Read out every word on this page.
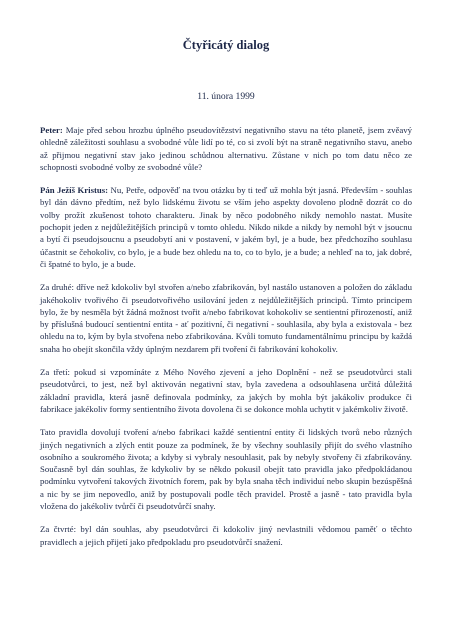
Čtyřicátý dialog
11. února 1999

Peter: Maje před sebou hrozbu úplného pseudovítězství negativního stavu na této planetě, jsem zvěavý ohledně záležitosti souhlasu a svobodné vůle lidí po té, co si zvolí být na straně negativního stavu, anebo až přijmou negativní stav jako jedinou schůdnou alternativu. Zůstane v nich po tom datu něco ze schopnosti svobodné volby ze svobodné vůle?

Pán Ježíš Kristus: Nu, Petře, odpověď na tvou otázku by ti teď už mohla být jasná. Především - souhlas byl dán dávno předtím, než bylo lidskému životu se vším jeho aspekty dovoleno plodně dozrát co do volby prožít zkušenost tohoto charakteru. Jinak by něco podobného nikdy nemohlo nastat. Musíte pochopit jeden z nejdůležitějších principů v tomto ohledu. Nikdo nikde a nikdy by nemohl být v jsoucnu a bytí či pseudojsoucnu a pseudobytí ani v postavení, v jakém byl, je a bude, bez předchozího souhlasu účastnit se čehokoliv, co bylo, je a bude bez ohledu na to, co to bylo, je a bude; a nehleď na to, jak dobré, či špatné to bylo, je a bude.

Za druhé: dříve než kdokoliv byl stvořen a/nebo zfabrikován, byl nastálo ustanoven a položen do základu jakéhokoliv tvořivého či pseudotvořivého usilování jeden z nejdůležitějších principů. Tímto principem bylo, že by nesměla být žádná možnost tvořit a/nebo fabrikovat kohokoliv se sentientní přirozeností, aniž by příslušná budoucí sentientní entita - ať pozitivní, či negativní - souhlasila, aby byla a existovala - bez ohledu na to, kým by byla stvořena nebo zfabrikována. Kvůli tomuto fundamentálnímu principu by každá snaha ho obejít skončila vždy úplným nezdarem při tvoření či fabrikování kohokoliv.

Za třetí: pokud si vzpomínáte z Mého Nového zjevení a jeho Doplnění - než se pseudotvůrci stali pseudotvůrci, to jest, než byl aktivován negativní stav, byla zavedena a odsouhlasena určitá důležitá základní pravidla, která jasně definovala podmínky, za jakých by mohla být jakákoliv produkce či fabrikace jakékoliv formy sentientního života dovolena či se dokonce mohla uchytit v jakémkoliv životě.

Tato pravidla dovolují tvoření a/nebo fabrikaci každé sentientní entity či lidských tvorů nebo různých jiných negativních a zlých entit pouze za podmínek, že by všechny souhlasily přijít do svého vlastního osobního a soukromého života; a kdyby si vybraly nesouhlasit, pak by nebyly stvořeny či zfabrikovány. Současně byl dán souhlas, že kdykoliv by se někdo pokusil obejít tato pravidla jako předpokládanou podmínku vytvoření takových životních forem, pak by byla snaha těch individuí nebo skupin bezúspěšná a nic by se jim nepovedlo, aniž by postupovali podle těch pravidel. Prostě a jasně - tato pravidla byla vložena do jakékoliv tvůrčí či pseudotvůrčí snahy.

Za čtvrté: byl dán souhlas, aby pseudotvůrci či kdokoliv jiný nevlastnili vědomou paměť o těchto pravidlech a jejich přijetí jako předpokladu pro pseudotvůrčí snažení.
